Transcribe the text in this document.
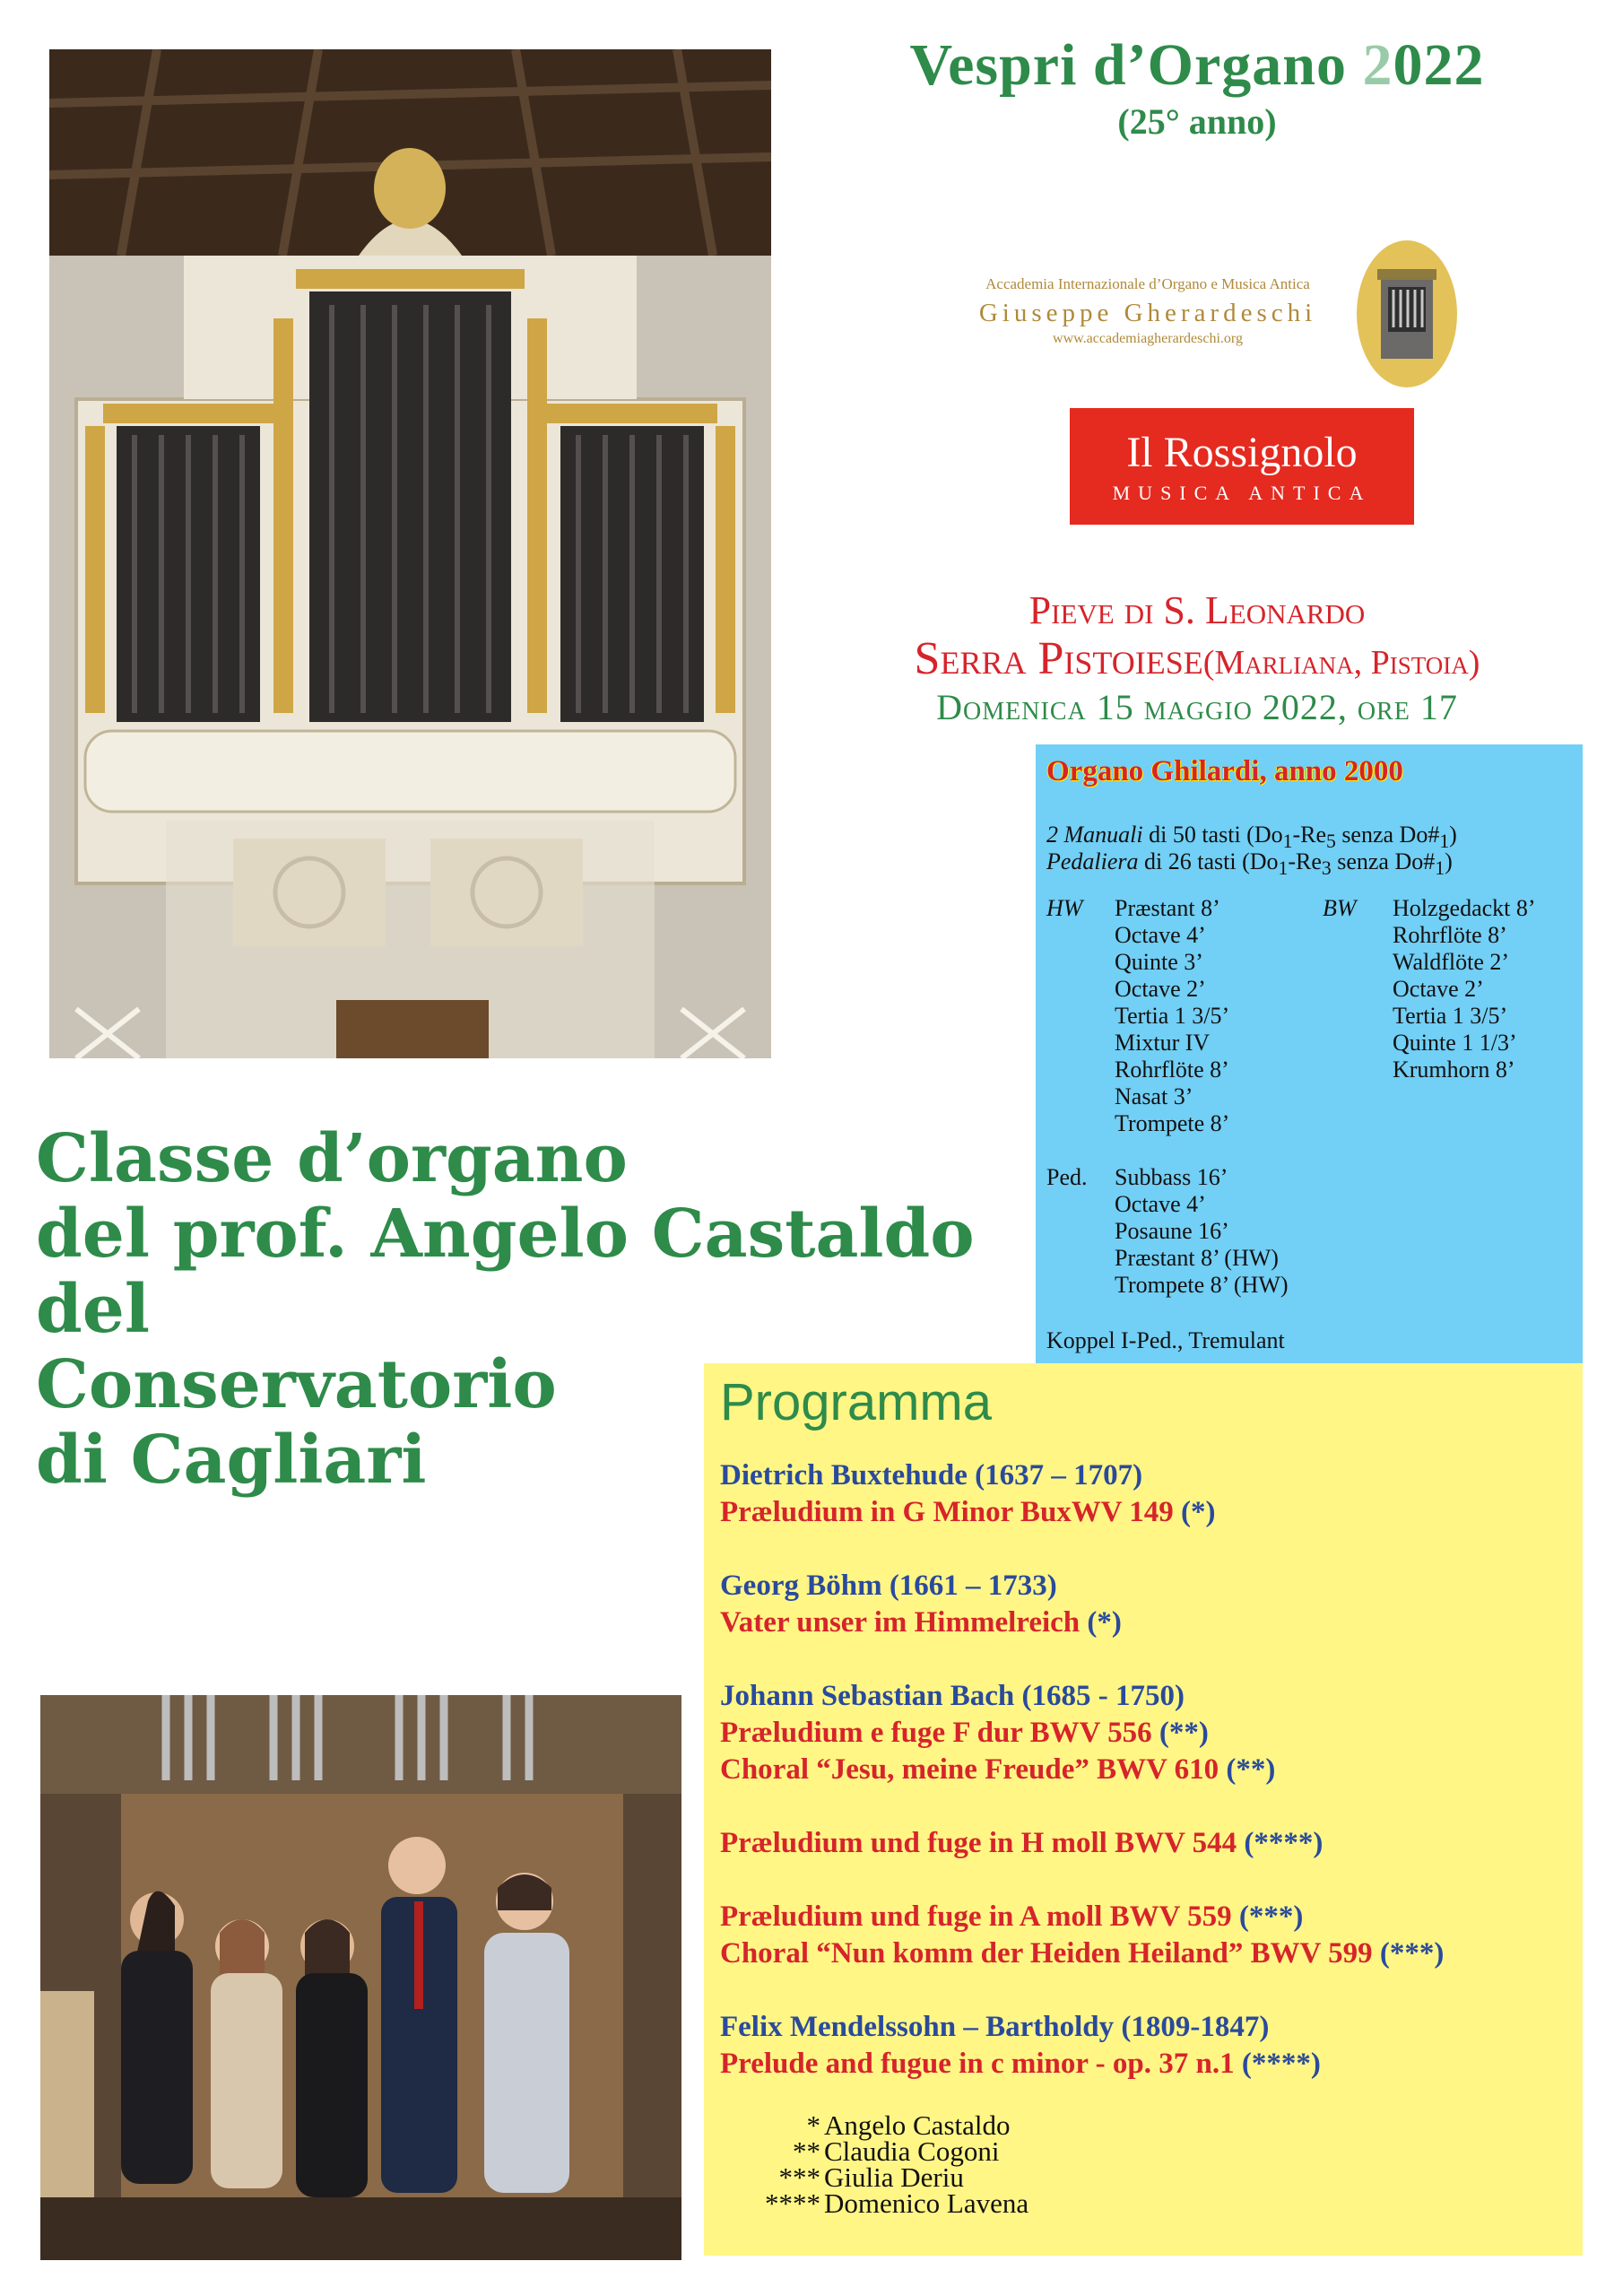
Vespri d’Organo 2022
(25° anno)
Accademia Internazionale d’Organo e Musica Antica
Giuseppe Gherardeschi
www.accademiagherardeschi.org
Il Rossignolo
MUSICA ANTICA
Pieve di S. Leonardo
Serra Pistoiese(Marliana, Pistoia)
Domenica 15 maggio 2022, ore 17
Organo Ghilardi, anno 2000
2 Manuali di 50 tasti ($Do_1-Re_5$ senza $Do\#_1$)
Pedaliera di 26 tasti ($Do_1-Re_3$ senza $Do\#_1$)
HW Præstant 8’
Octave 4’
Quinte 3’
Octave 2’
Tertia 1 3/5’
Mixtur IV
Rohrflöte 8’
Nasat 3’
Trompete 8’
BW Holzgedackt 8’
Rohrflöte 8’
Waldflöte 2’
Octave 2’
Tertia 1 3/5’
Quinte 1 1/3’
Krumhorn 8’
Ped. Subbass 16’
Octave 4’
Posaune 16’
Præstant 8’ (HW)
Trompete 8’ (HW)
Koppel I-Ped., Tremulant
Classe d’organo
del prof. Angelo Castaldo
del
Conservatorio
di Cagliari
Programma
Dietrich Buxtehude (1637 – 1707)
Præludium in G Minor BuxWV 149 (*)
Georg Böhm (1661 – 1733)
Vater unser im Himmelreich (*)
Johann Sebastian Bach (1685 - 1750)
Præludium e fuge F dur BWV 556 (**)
Choral “Jesu, meine Freude” BWV 610 (**)
Præludium und fuge in H moll BWV 544 (****)
Præludium und fuge in A moll BWV 559 (***)
Choral “Nun komm der Heiden Heiland” BWV 599 (***)
Felix Mendelssohn – Bartholdy (1809-1847)
Prelude and fugue in c minor - op. 37 n.1 (****)
* Angelo Castaldo
** Claudia Cogoni
*** Giulia Deriu
**** Domenico Lavena
